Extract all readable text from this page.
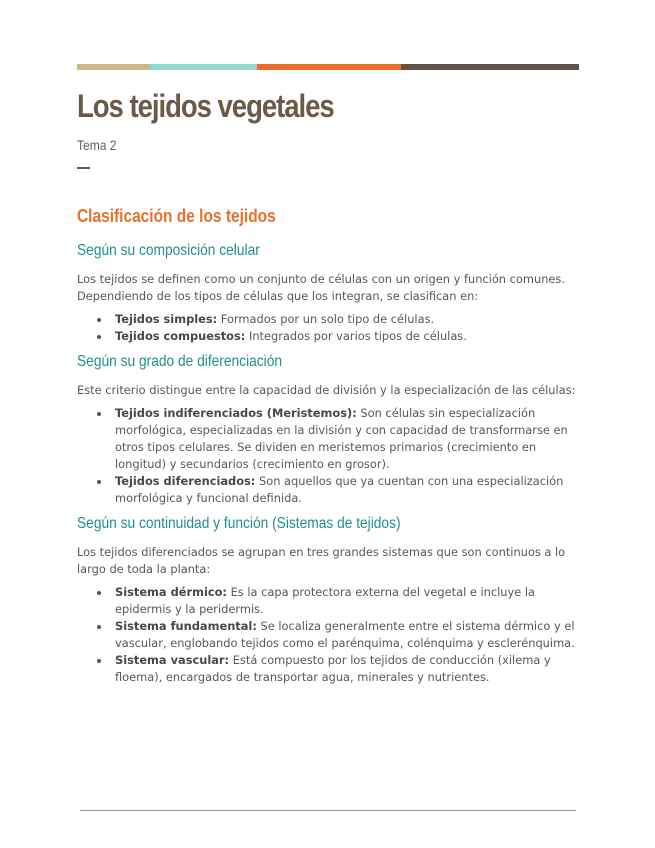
Los tejidos vegetales
Tema 2
Clasificación de los tejidos
Según su composición celular
Los tejidos se definen como un conjunto de células con un origen y función comunes. Dependiendo de los tipos de células que los integran, se clasifican en:
Tejidos simples: Formados por un solo tipo de células.
Tejidos compuestos: Integrados por varios tipos de células.
Según su grado de diferenciación
Este criterio distingue entre la capacidad de división y la especialización de las células:
Tejidos indiferenciados (Meristemos): Son células sin especialización morfológica, especializadas en la división y con capacidad de transformarse en otros tipos celulares. Se dividen en meristemos primarios (crecimiento en longitud) y secundarios (crecimiento en grosor).
Tejidos diferenciados: Son aquellos que ya cuentan con una especialización morfológica y funcional definida.
Según su continuidad y función (Sistemas de tejidos)
Los tejidos diferenciados se agrupan en tres grandes sistemas que son continuos a lo largo de toda la planta:
Sistema dérmico: Es la capa protectora externa del vegetal e incluye la epidermis y la peridermis.
Sistema fundamental: Se localiza generalmente entre el sistema dérmico y el vascular, englobando tejidos como el parénquima, colénquima y esclerénquima.
Sistema vascular: Está compuesto por los tejidos de conducción (xilema y floema), encargados de transportar agua, minerales y nutrientes.
